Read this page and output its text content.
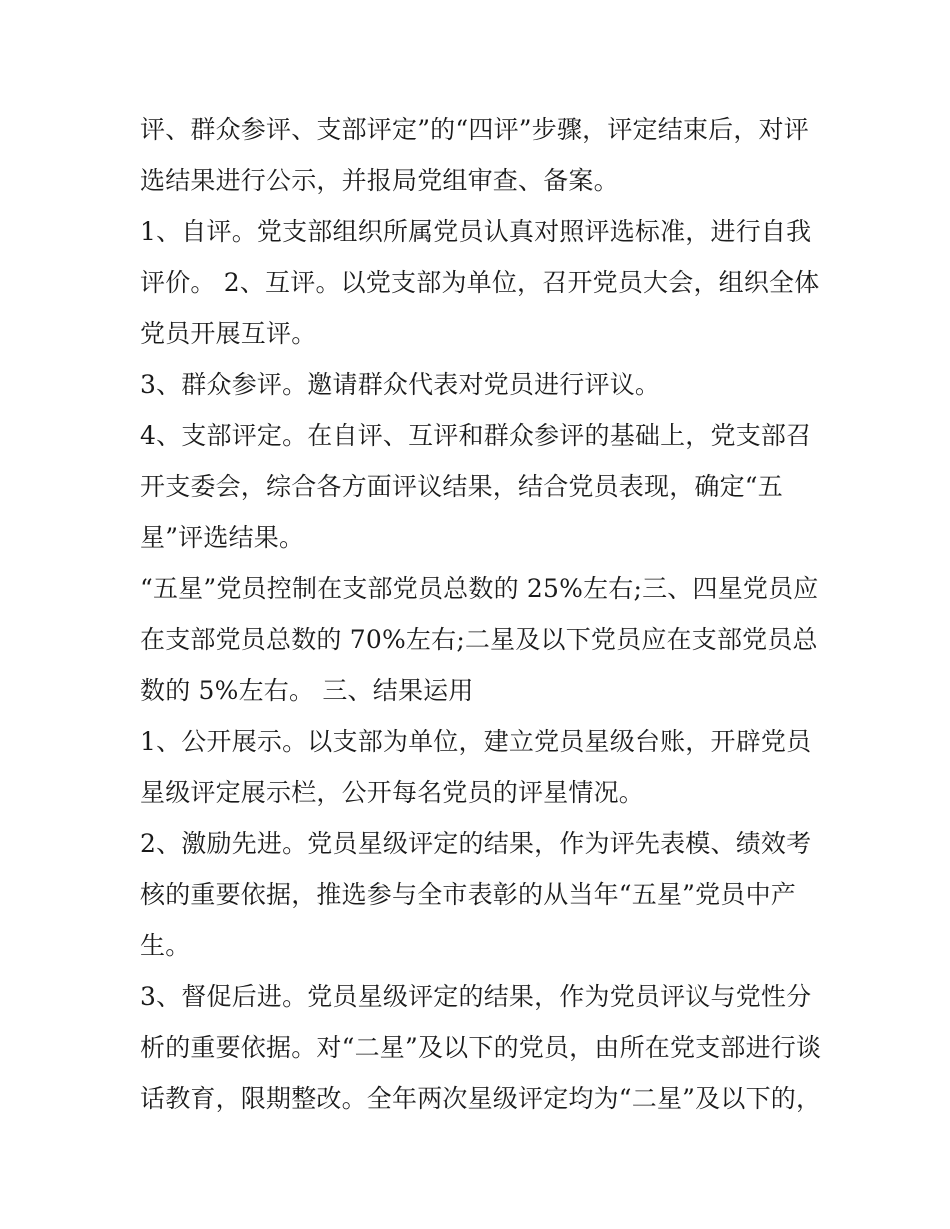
评、群众参评、支部评定”的“四评”步骤，评定结束后，对评
选结果进行公示，并报局党组审查、备案。
1、自评。党支部组织所属党员认真对照评选标准，进行自我
评价。 2、互评。以党支部为单位，召开党员大会，组织全体
党员开展互评。
3、群众参评。邀请群众代表对党员进行评议。
4、支部评定。在自评、互评和群众参评的基础上，党支部召
开支委会，综合各方面评议结果，结合党员表现，确定“五
星”评选结果。
“五星”党员控制在支部党员总数的 25%左右;三、四星党员应
在支部党员总数的 70%左右;二星及以下党员应在支部党员总
数的 5%左右。 三、结果运用
1、公开展示。以支部为单位，建立党员星级台账，开辟党员
星级评定展示栏，公开每名党员的评星情况。
2、激励先进。党员星级评定的结果，作为评先表模、绩效考
核的重要依据，推选参与全市表彰的从当年“五星”党员中产
生。
3、督促后进。党员星级评定的结果，作为党员评议与党性分
析的重要依据。对“二星”及以下的党员，由所在党支部进行谈
话教育，限期整改。全年两次星级评定均为“二星”及以下的，
